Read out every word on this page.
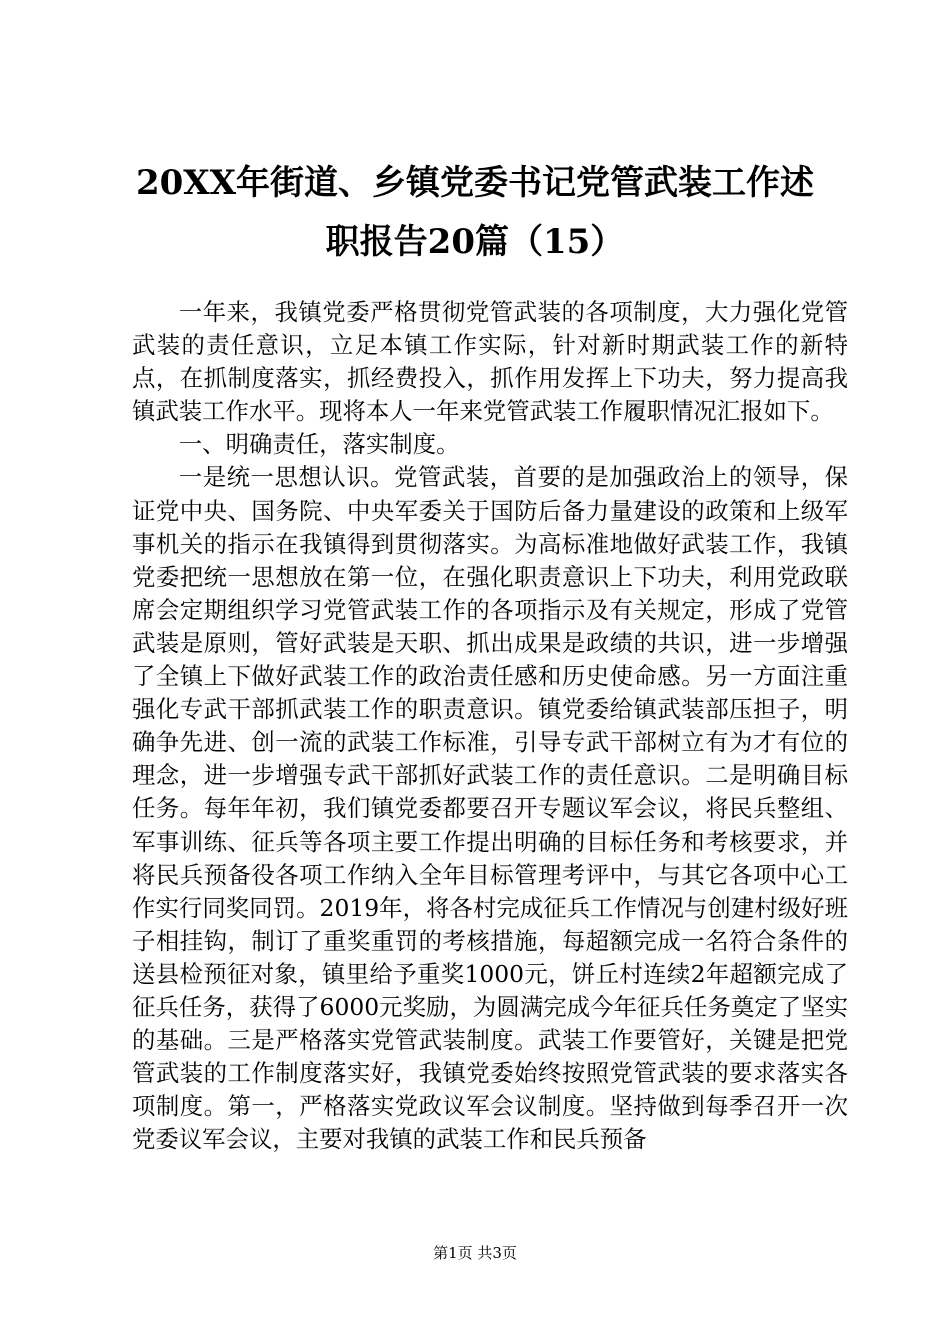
20XX年街道、乡镇党委书记党管武装工作述
职报告20篇（15）

一年来，我镇党委严格贯彻党管武装的各项制度，大力强化党管武装的责任意识，立足本镇工作实际，针对新时期武装工作的新特点，在抓制度落实，抓经费投入，抓作用发挥上下功夫，努力提高我镇武装工作水平。现将本人一年来党管武装工作履职情况汇报如下。

一、明确责任，落实制度。

一是统一思想认识。党管武装，首要的是加强政治上的领导，保证党中央、国务院、中央军委关于国防后备力量建设的政策和上级军事机关的指示在我镇得到贯彻落实。为高标准地做好武装工作，我镇党委把统一思想放在第一位，在强化职责意识上下功夫，利用党政联席会定期组织学习党管武装工作的各项指示及有关规定，形成了党管武装是原则，管好武装是天职、抓出成果是政绩的共识，进一步增强了全镇上下做好武装工作的政治责任感和历史使命感。另一方面注重强化专武干部抓武装工作的职责意识。镇党委给镇武装部压担子，明确争先进、创一流的武装工作标准，引导专武干部树立有为才有位的理念，进一步增强专武干部抓好武装工作的责任意识。二是明确目标任务。每年年初，我们镇党委都要召开专题议军会议，将民兵整组、军事训练、征兵等各项主要工作提出明确的目标任务和考核要求，并将民兵预备役各项工作纳入全年目标管理考评中，与其它各项中心工作实行同奖同罚。2019年，将各村完成征兵工作情况与创建村级好班子相挂钩，制订了重奖重罚的考核措施，每超额完成一名符合条件的送县检预征对象，镇里给予重奖1000元，饼丘村连续2年超额完成了征兵任务，获得了6000元奖励，为圆满完成今年征兵任务奠定了坚实的基础。三是严格落实党管武装制度。武装工作要管好，关键是把党管武装的工作制度落实好，我镇党委始终按照党管武装的要求落实各项制度。第一，严格落实党政议军会议制度。坚持做到每季召开一次党委议军会议，主要对我镇的武装工作和民兵预备

第1页 共3页
